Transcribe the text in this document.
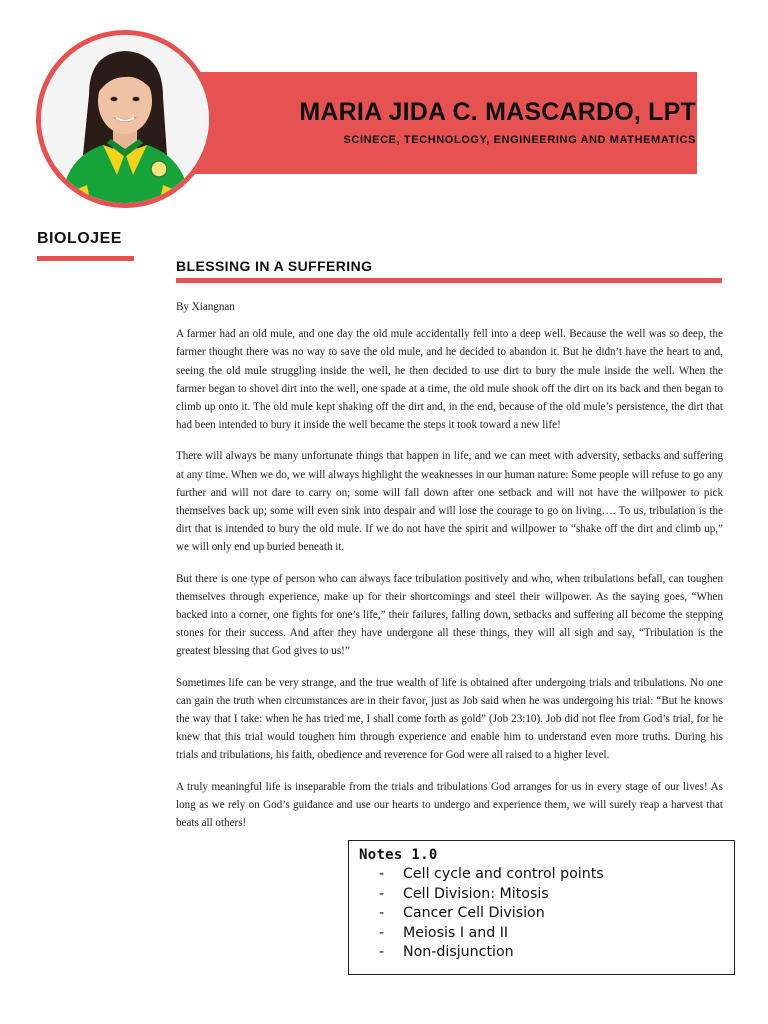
MARIA JIDA C. MASCARDO, LPT

SCINECE, TECHNOLOGY, ENGINEERING AND MATHEMATICS

BIOLOJEE
BLESSING IN A SUFFERING

By Xiangnan

A farmer had an old mule, and one day the old mule accidentally fell into a deep well. Because the well was so deep, the farmer thought there was no way to save the old mule, and he decided to abandon it. But he didn’t have the heart to and, seeing the old mule struggling inside the well, he then decided to use dirt to bury the mule inside the well. When the farmer began to shovel dirt into the well, one spade at a time, the old mule shook off the dirt on its back and then began to climb up onto it. The old mule kept shaking off the dirt and, in the end, because of the old mule’s persistence, the dirt that had been intended to bury it inside the well became the steps it took toward a new life!

There will always be many unfortunate things that happen in life, and we can meet with adversity, setbacks and suffering at any time. When we do, we will always highlight the weaknesses in our human nature: Some people will refuse to go any further and will not dare to carry on; some will fall down after one setback and will not have the willpower to pick themselves back up; some will even sink into despair and will lose the courage to go on living…. To us, tribulation is the dirt that is intended to bury the old mule. If we do not have the spirit and willpower to “shake off the dirt and climb up,” we will only end up buried beneath it.

But there is one type of person who can always face tribulation positively and who, when tribulations befall, can toughen themselves through experience, make up for their shortcomings and steel their willpower. As the saying goes, “When backed into a corner, one fights for one’s life,” their failures, falling down, setbacks and suffering all become the stepping stones for their success. And after they have undergone all these things, they will all sigh and say, “Tribulation is the greatest blessing that God gives to us!”

Sometimes life can be very strange, and the true wealth of life is obtained after undergoing trials and tribulations. No one can gain the truth when circumstances are in their favor, just as Job said when he was undergoing his trial: “But he knows the way that I take: when he has tried me, I shall come forth as gold” (Job 23:10). Job did not flee from God’s trial, for he knew that this trial would toughen him through experience and enable him to understand even more truths. During his trials and tribulations, his faith, obedience and reverence for God were all raised to a higher level.

A truly meaningful life is inseparable from the trials and tribulations God arranges for us in every stage of our lives! As long as we rely on God’s guidance and use our hearts to undergo and experience them, we will surely reap a harvest that beats all others!

Notes 1.0

- Cell cycle and control points
- Cell Division: Mitosis
- Cancer Cell Division
- Meiosis I and II
- Non-disjunction
